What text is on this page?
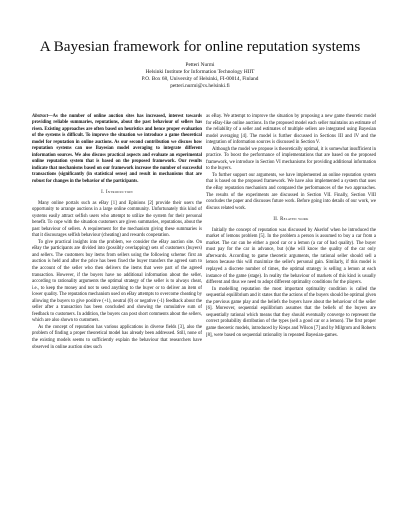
A Bayesian framework for online reputation systems
Petteri Nurmi
Helsinki Institute for Information Technology HIIT
P.O. Box 68, University of Helsinki, FI-00014, Finland
petteri.nurmi@cs.helsinki.fi
Abstract—As the number of online auction sites has increased, interest towards providing reliable summaries, reputations, about the past behaviour of sellers has risen. Existing approaches are often based on heuristics and hence proper evaluation of the systems is difficult. To improve the situation we introduce a game theoretical model for reputation in online auctions. As our second contribution we discuss how reputation systems can use Bayesian model averaging to integrate different information sources. We also discuss practical aspects and evaluate an experimental online reputation system that is based on the proposed framework. Our results indicate that mechanisms based on our framework increase the number of successful transactions (significantly (in statistical sense) and result in mechanisms that are robust for changes in the behavior of the participants.
I. Introduction

Many online portals such as eBay [1] and Epinions [2] provide their users the opportunity to arrange auctions in a large online community. Unfortunately this kind of systems easily attract selfish users who attempt to utilize the system for their personal benefit. To cope with the situation customers are given summaries, reputations, about the past behaviour of sellers. A requirement for the mechanism giving these summaries is that it discourages selfish behaviour (cheating) and rewards cooperation.

To give practical insights into the problem, we consider the eBay auction site. On eBay the participants are divided into (possibly overlapping) sets of customers (buyers) and sellers. The customers buy items from sellers using the following scheme: first an auction is held and after the price has been fixed the buyer transfers the agreed sum to the account of the seller who then delivers the items that were part of the agreed transaction. However, if the buyers have no additional information about the seller, according to rationality arguments the optimal strategy of the seller is to always cheat, i.e., to keep the money and not to send anything to the buyer or to deliver an item of lower quality. The reputation mechanism used on eBay attempts to overcome cheating by allowing the buyers to give positive (+1), neutral (0) or negative (-1) feedback about the seller after a transaction has been concluded and showing the cumulative sum of feedback to customers. In addition, the buyers can post short comments about the sellers, which are also shown to customers.

As the concept of reputation has various applications in diverse fields [3], also the problem of finding a proper theoretical model has already been addressed. Still, none of the existing models seems to sufficiently explain the behaviour that researchers have observed in online auction sites such

as eBay. We attempt to improve the situation by proposing a new game theoretic model for eBay-like online auctions. In the proposed model each seller maintains an estimate of the reliability of a seller and estimates of multiple sellers are integrated using Bayesian model averaging [4]. The model is further discussed in Sections III and IV and the integration of information sources is discussed in Section V.

Although the model we propose is theoretically optimal, it is somewhat insufficient in practice. To boost the performance of implementations that are based on the proposed framework, we introduce in Section VI mechanisms for providing additional information to the buyers.

To further support our arguments, we have implemented an online reputation system that is based on the proposed framework. We have also implemented a system that uses the eBay reputation mechanism and compared the performances of the two approaches. The results of the experiments are discussed in Section VII. Finally, Section VIII concludes the paper and discusses future work. Before going into details of our work, we discuss related work.

II. Related work

Initially the concept of reputation was discussed by Akerlof when he introduced the market of lemons problem [5]. In the problem a person is assumed to buy a car from a market. The car can be either a good car or a lemon (a car of bad quality). The buyer must pay for the car in advance, but (s)he will know the quality of the car only afterwards. According to game theoretic arguments, the rational seller should sell a lemon because this will maximize the seller's personal gain. Similarly, if this model is replayed a discrete number of times, the optimal strategy is selling a lemon at each instance of the game (stage). In reality the behaviour of markets of this kind is usually different and thus we need to adopt different optimality conditions for the players.

In modelling reputation the most important optimality condition is called the sequential equilibrium and it states that the actions of the buyers should be optimal given the previous game play and the beliefs the buyers have about the behaviour of the seller [6]. Moreover, sequential equilibrium assumes that the beliefs of the buyers are sequentially rational which means that they should eventually converge to represent the correct probability distribution of the types (sell a good car or a lemon). The first proper game theoretic models, introduced by Kreps and Wilson [7] and by Milgrom and Roberts [8], were based on sequential rationality in repeated Bayesian-games.
